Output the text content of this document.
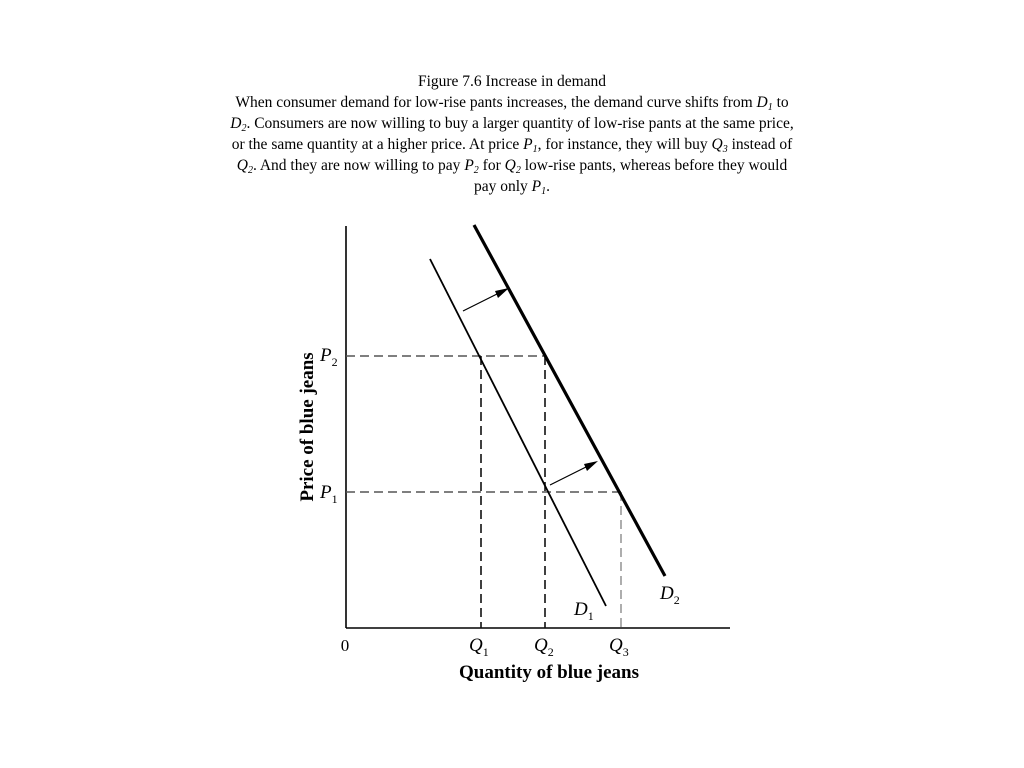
Figure 7.6 Increase in demand
When consumer demand for low-rise pants increases, the demand curve shifts from $D_1$ to
$D_2$. Consumers are now willing to buy a larger quantity of low-rise pants at the same price,
or the same quantity at a higher price. At price $P_1$, for instance, they will buy $Q_3$ instead of
$Q_2$. And they are now willing to pay $P_2$ for $Q_2$ low-rise pants, whereas before they would
pay only $P_1$.
0
$P_2$
$P_1$
$Q_1$ $Q_2$	$Q_3$
$D_1$
$D_2$
Quantity of blue jeans
Price of blue jeans
